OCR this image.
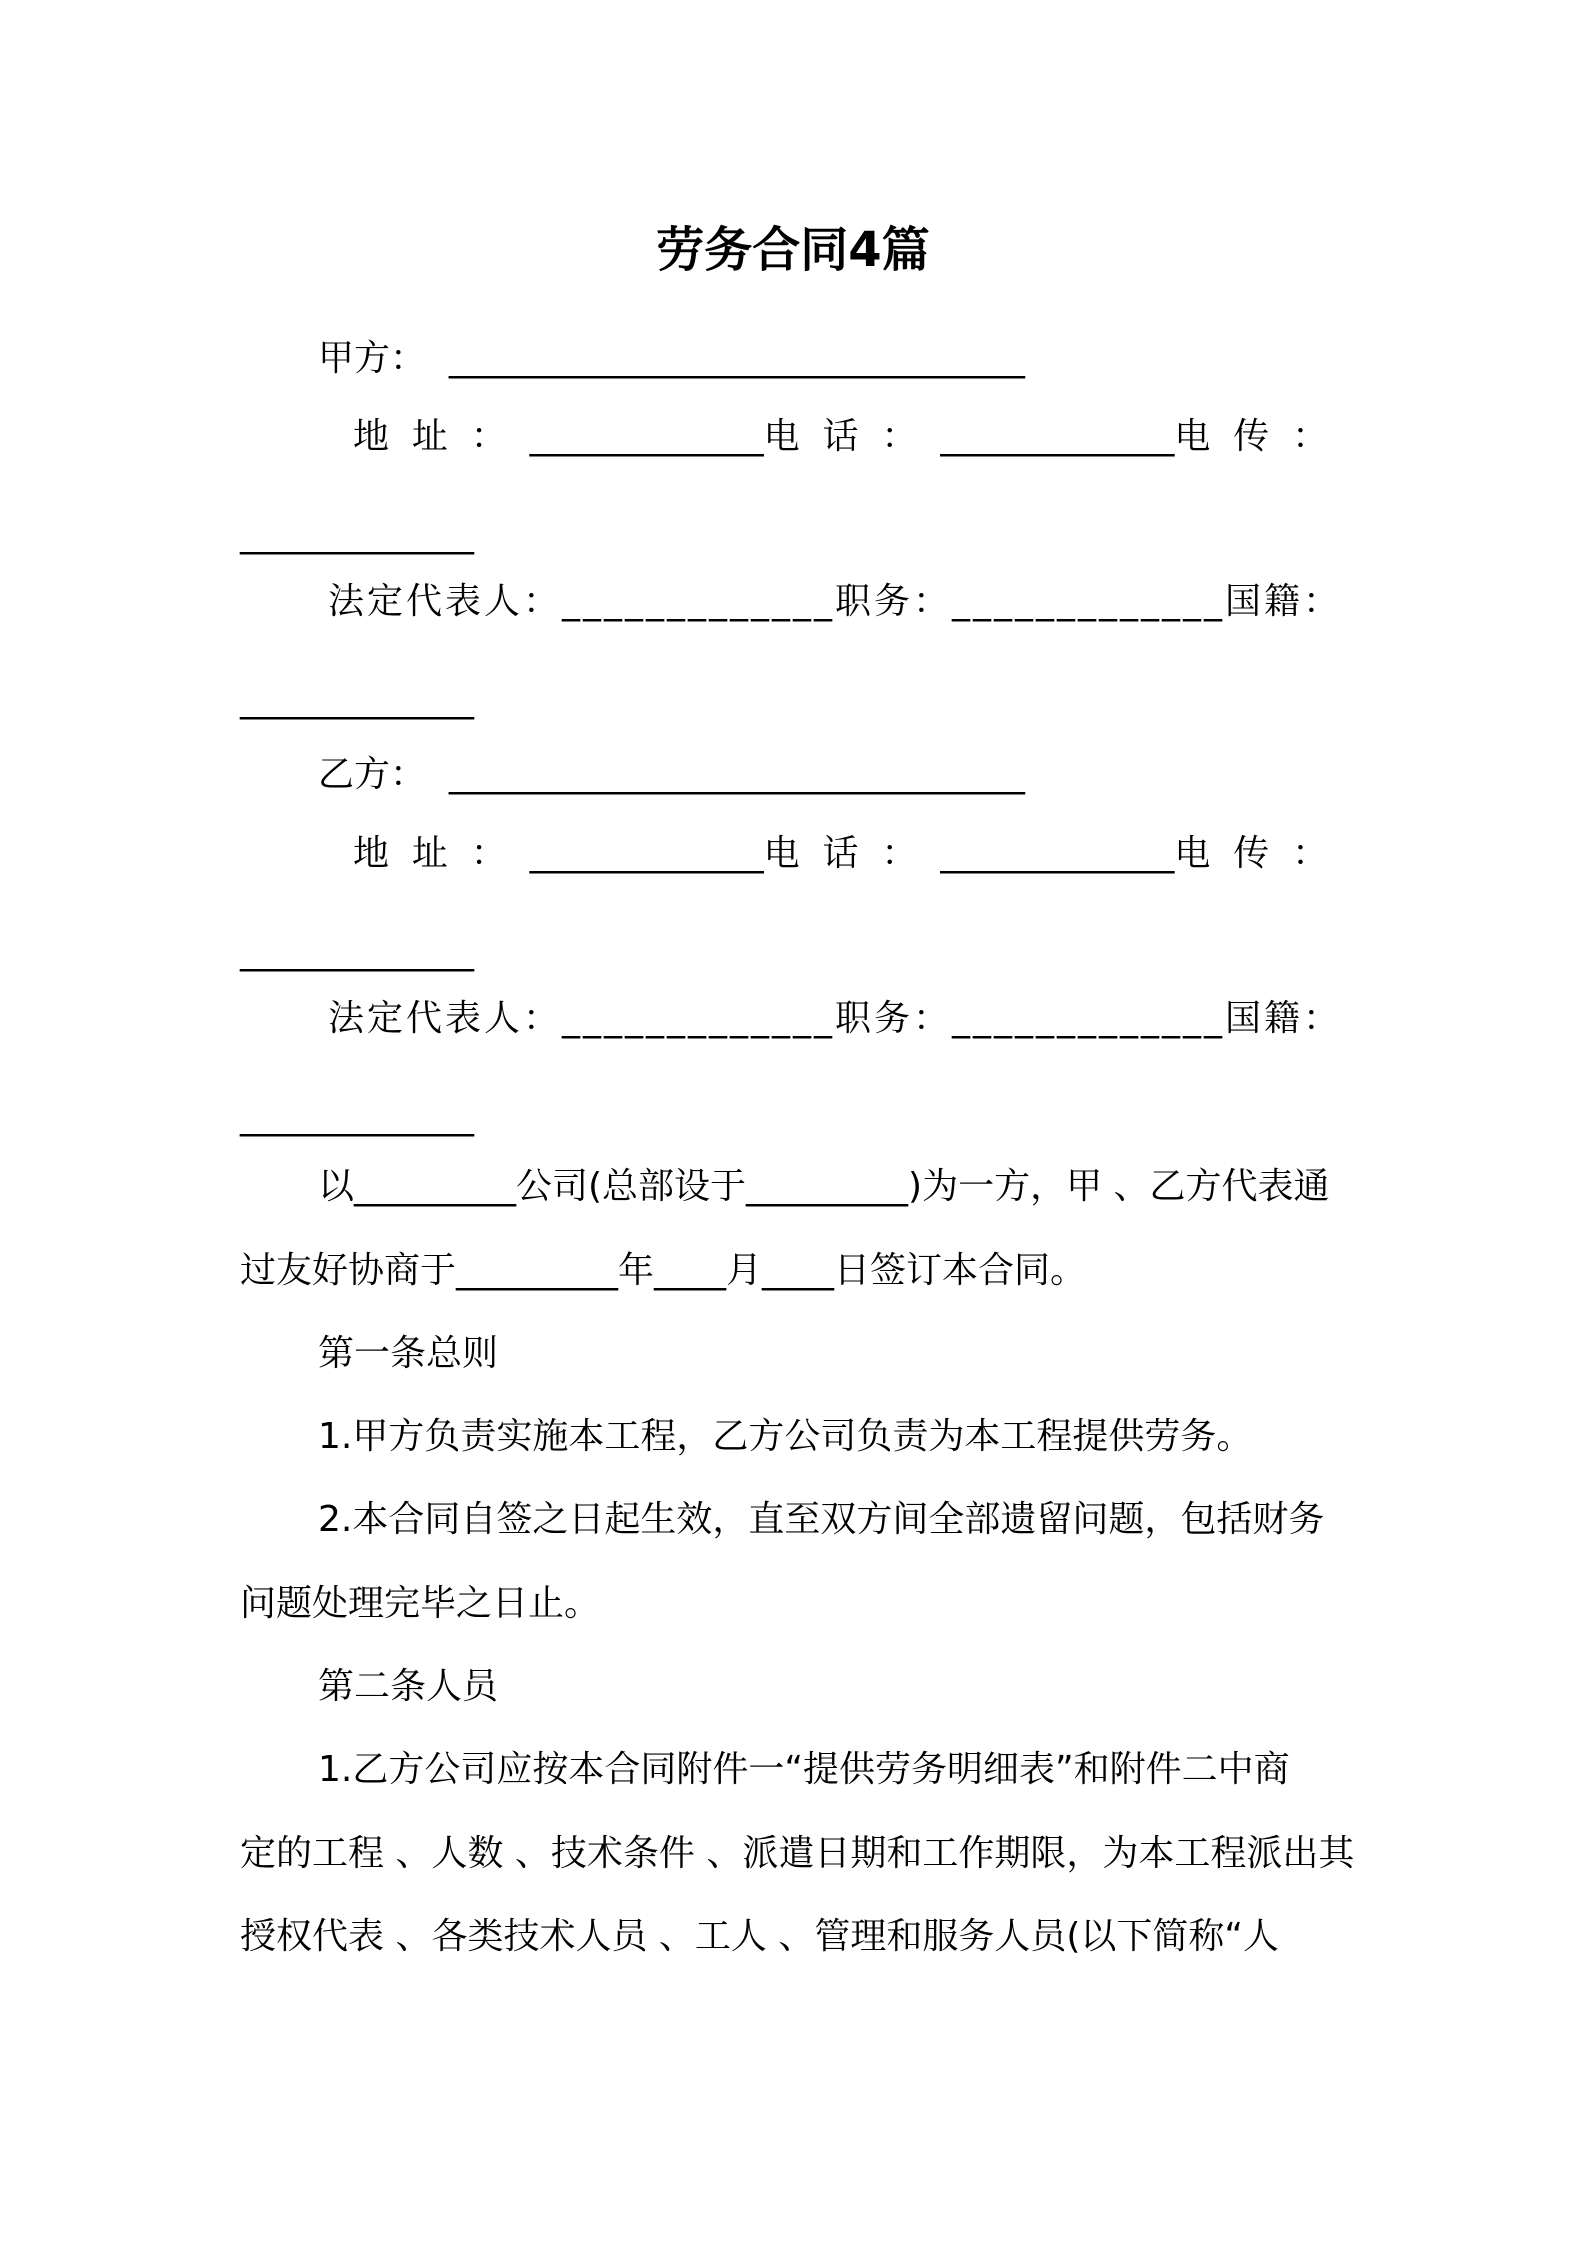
劳务合同4篇

甲方：  ________________________________

地  址  ：  _____________电  话  ：  _____________电  传  ：

_____________

法定代表人：_____________职务：_____________国籍：

_____________

乙方：  ________________________________

地  址  ：  _____________电  话  ：  _____________电  传  ：

_____________

法定代表人：_____________职务：_____________国籍：

_____________

以_________公司(总部设于_________)为一方，甲 、乙方代表通

过友好协商于_________年____月____日签订本合同。

第一条总则

1.甲方负责实施本工程，乙方公司负责为本工程提供劳务。

2.本合同自签之日起生效，直至双方间全部遗留问题，包括财务

问题处理完毕之日止。

第二条人员

1.乙方公司应按本合同附件一“提供劳务明细表”和附件二中商

定的工程 、人数 、技术条件 、派遣日期和工作期限，为本工程派出其

授权代表 、各类技术人员 、工人 、管理和服务人员(以下简称“人
